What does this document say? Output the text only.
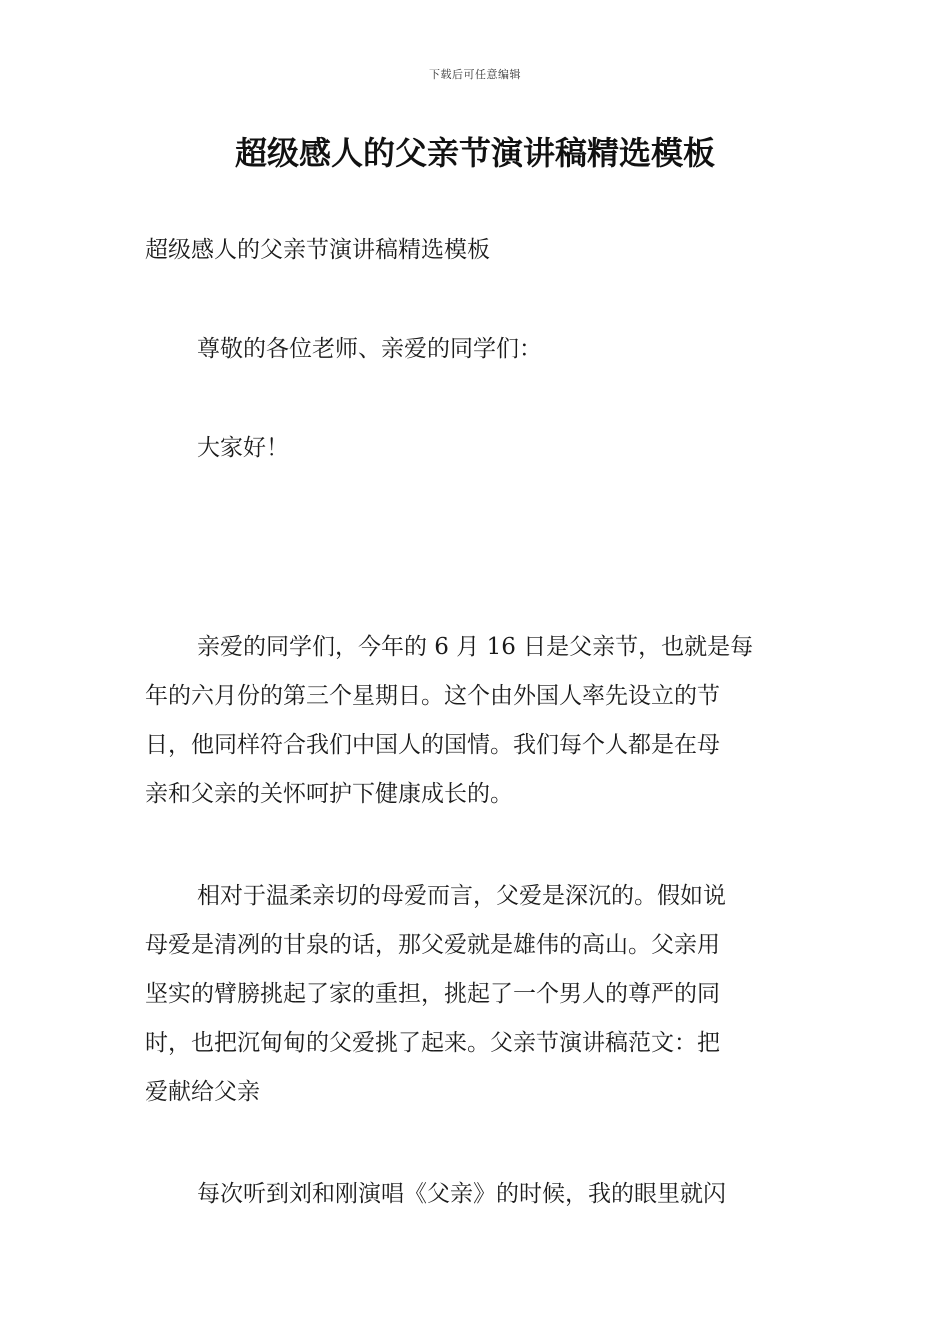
下载后可任意编辑
超级感人的父亲节演讲稿精选模板

超级感人的父亲节演讲稿精选模板

尊敬的各位老师、亲爱的同学们：

大家好！

亲爱的同学们，今年的 6 月 16 日是父亲节，也就是每
年的六月份的第三个星期日。这个由外国人率先设立的节
日，他同样符合我们中国人的国情。我们每个人都是在母
亲和父亲的关怀呵护下健康成长的。

相对于温柔亲切的母爱而言，父爱是深沉的。假如说
母爱是清冽的甘泉的话，那父爱就是雄伟的高山。父亲用
坚实的臂膀挑起了家的重担，挑起了一个男人的尊严的同
时，也把沉甸甸的父爱挑了起来。父亲节演讲稿范文：把
爱献给父亲

每次听到刘和刚演唱《父亲》的时候，我的眼里就闪
